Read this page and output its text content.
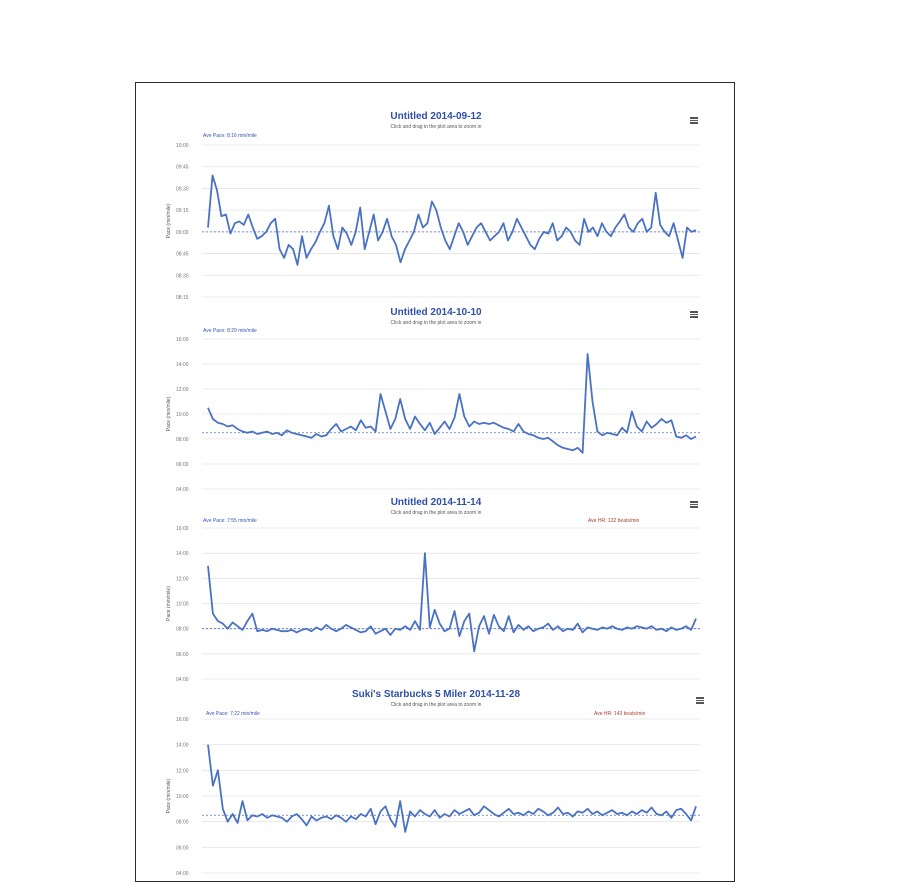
10:00
09:45
09:30
09:15
09:00
08:45
08:30
08:15
Pace (min/mile)
Untitled 2014-09-12
Click and drag in the plot area to zoom in
Ave Pace: 8:16 min/mile
16:00
14:00
12:00
10:00
08:00
06:00
04:00
Pace (min/mile)
Untitled 2014-10-10
Click and drag in the plot area to zoom in
Ave Pace: 8:29 min/mile
16:00
14:00
12:00
10:00
08:00
06:00
04:00
Pace (min/mile)
Untitled 2014-11-14
Click and drag in the plot area to zoom in
Ave Pace: 7:55 min/mile	Ave HR: 132 beats/min
16:00
14:00
12:00
10:00
08:00
06:00
04:00
Pace (min/mile)
Suki's Starbucks 5 Miler 2014-11-28
Click and drag in the plot area to zoom in
Ave Pace: 7:22 min/mile	Ave HR: 143 beats/min
